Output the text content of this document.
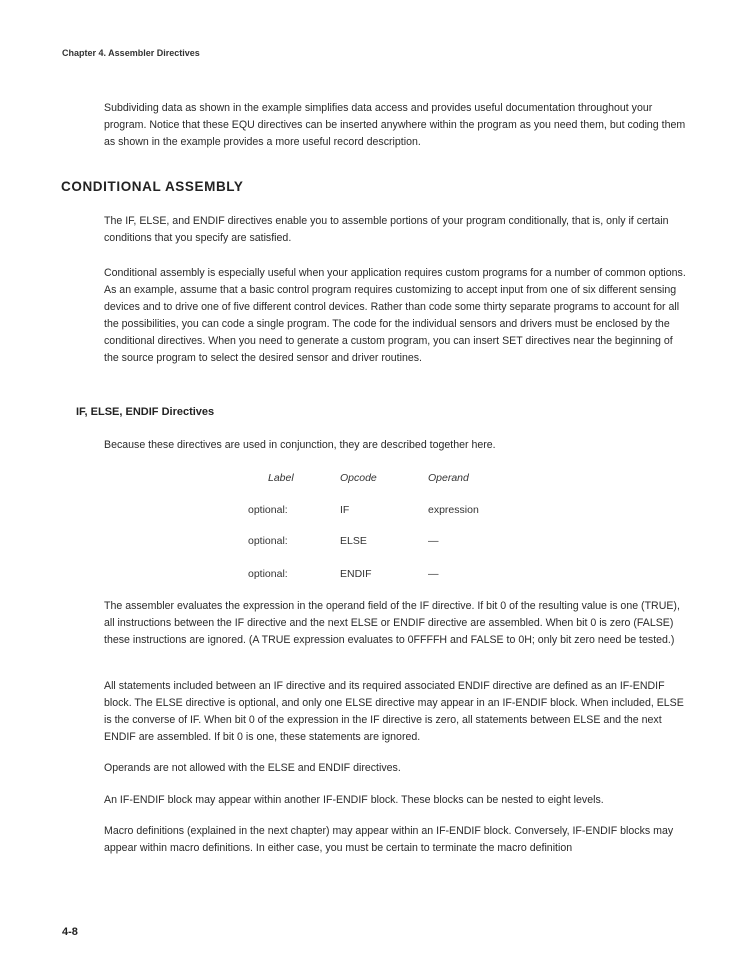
Chapter 4. Assembler Directives

Subdividing data as shown in the example simplifies data access and provides useful documentation throughout your program. Notice that these EQU directives can be inserted anywhere within the program as you need them, but coding them as shown in the example provides a more useful record description.

CONDITIONAL ASSEMBLY

The IF, ELSE, and ENDIF directives enable you to assemble portions of your program conditionally, that is, only if certain conditions that you specify are satisfied.

Conditional assembly is especially useful when your application requires custom programs for a number of common options. As an example, assume that a basic control program requires customizing to accept input from one of six different sensing devices and to drive one of five different control devices. Rather than code some thirty separate programs to account for all the possibilities, you can code a single program. The code for the individual sensors and drivers must be enclosed by the conditional directives. When you need to generate a custom program, you can insert SET directives near the beginning of the source program to select the desired sensor and driver routines.

IF, ELSE, ENDIF Directives

Because these directives are used in conjunction, they are described together here.

Label	Opcode	Operand
optional:	IF	expression
optional:	ELSE	—
optional:	ENDIF	—

The assembler evaluates the expression in the operand field of the IF directive. If bit 0 of the resulting value is one (TRUE), all instructions between the IF directive and the next ELSE or ENDIF directive are assembled. When bit 0 is zero (FALSE) these instructions are ignored. (A TRUE expression evaluates to 0FFFFH and FALSE to 0H; only bit zero need be tested.)

All statements included between an IF directive and its required associated ENDIF directive are defined as an IF-ENDIF block. The ELSE directive is optional, and only one ELSE directive may appear in an IF-ENDIF block. When included, ELSE is the converse of IF. When bit 0 of the expression in the IF directive is zero, all statements between ELSE and the next ENDIF are assembled. If bit 0 is one, these statements are ignored.

Operands are not allowed with the ELSE and ENDIF directives.

An IF-ENDIF block may appear within another IF-ENDIF block. These blocks can be nested to eight levels.

Macro definitions (explained in the next chapter) may appear within an IF-ENDIF block. Conversely, IF-ENDIF blocks may appear within macro definitions. In either case, you must be certain to terminate the macro definition

4-8
